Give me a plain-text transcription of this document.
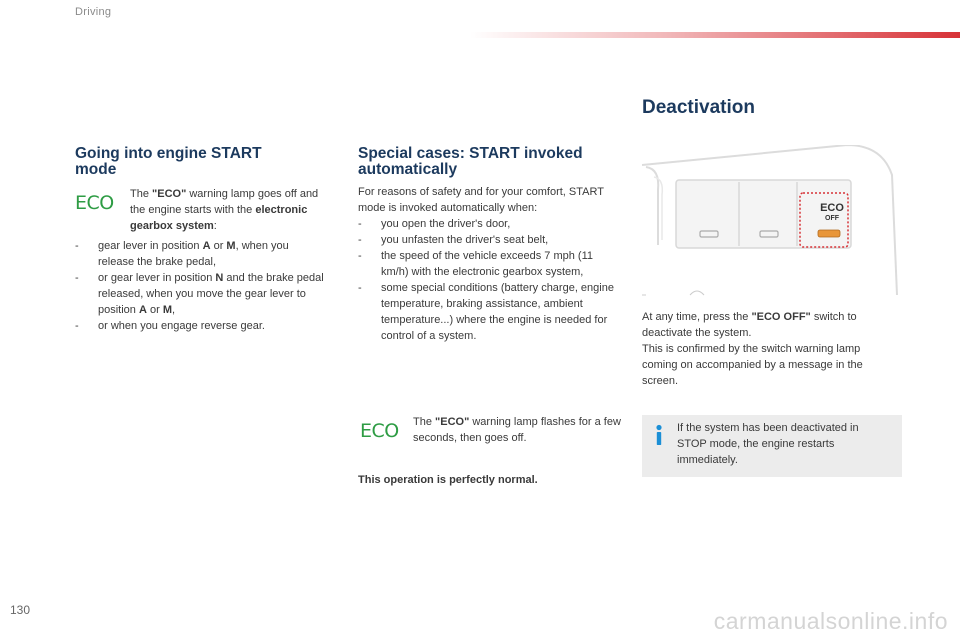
Driving
Going into engine START mode
ECO The "ECO" warning lamp goes off and the engine starts with the electronic gearbox system:
- gear lever in position A or M, when you release the brake pedal,
- or gear lever in position N and the brake pedal released, when you move the gear lever to position A or M,
- or when you engage reverse gear.
Special cases: START invoked automatically
For reasons of safety and for your comfort, START mode is invoked automatically when:
- you open the driver's door,
- you unfasten the driver's seat belt,
- the speed of the vehicle exceeds 7 mph (11 km/h) with the electronic gearbox system,
- some special conditions (battery charge, engine temperature, braking assistance, ambient temperature...) where the engine is needed for control of a system.
ECO The "ECO" warning lamp flashes for a few seconds, then goes off.
This operation is perfectly normal.
Deactivation
ECO
OFF
At any time, press the "ECO OFF" switch to deactivate the system.
This is confirmed by the switch warning lamp coming on accompanied by a message in the screen.
If the system has been deactivated in STOP mode, the engine restarts immediately.
130	carmanualsonline.info
